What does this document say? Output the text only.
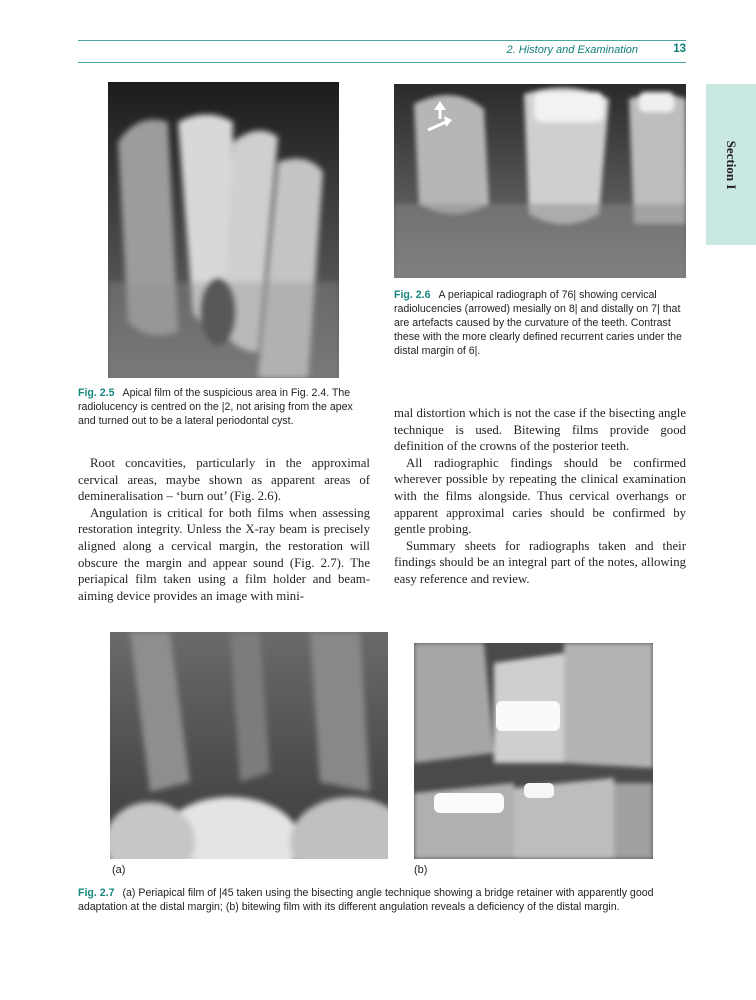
2. History and Examination	13
Section I
Fig. 2.5 Apical film of the suspicious area in Fig. 2.4. The radiolucency is centred on the |2, not arising from the apex and turned out to be a lateral periodontal cyst.
Fig. 2.6 A periapical radiograph of 76| showing cervical radiolucencies (arrowed) mesially on 8| and distally on 7| that are artefacts caused by the curvature of the teeth. Contrast these with the more clearly defined recurrent caries under the distal margin of 6|.

Root concavities, particularly in the approximal cervical areas, maybe shown as apparent areas of demineralisation – ‘burn out’ (Fig. 2.6).

Angulation is critical for both films when assessing restoration integrity. Unless the X-ray beam is precisely aligned along a cervical margin, the restoration will obscure the margin and appear sound (Fig. 2.7). The periapical film taken using a film holder and beam-aiming device provides an image with mini-

mal distortion which is not the case if the bisecting angle technique is used. Bitewing films provide good definition of the crowns of the posterior teeth.

All radiographic findings should be confirmed wherever possible by repeating the clinical examination with the films alongside. Thus cervical overhangs or apparent approximal caries should be confirmed by gentle probing.

Summary sheets for radiographs taken and their findings should be an integral part of the notes, allowing easy reference and review.

(a)	(b)
Fig. 2.7 (a) Periapical film of |45 taken using the bisecting angle technique showing a bridge retainer with apparently good adaptation at the distal margin; (b) bitewing film with its different angulation reveals a deficiency of the distal margin.
